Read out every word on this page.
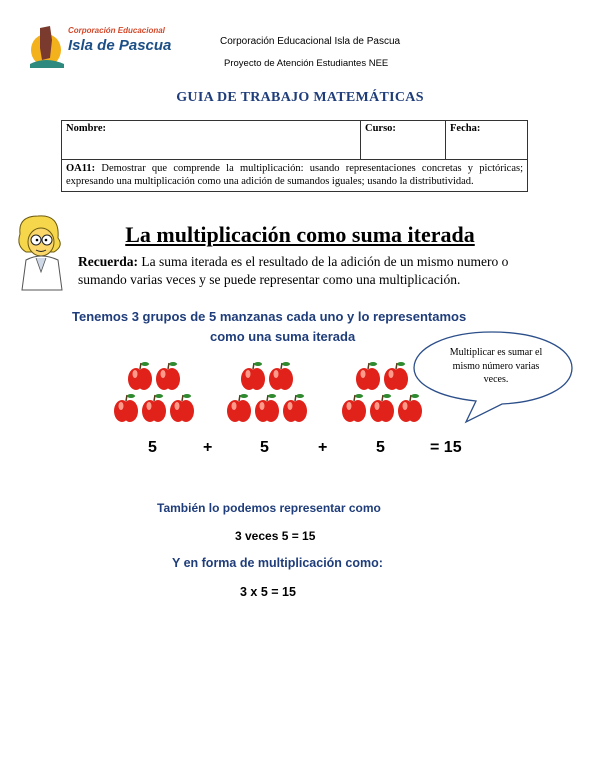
Corporación Educacional
Isla de Pascua	Corporación Educacional Isla de Pascua
Proyecto de Atención Estudiantes NEE
GUIA DE TRABAJO MATEMÁTICAS
Nombre:	Curso:	Fecha:
OA11: Demostrar que comprende la multiplicación: usando representaciones concretas y pictóricas; expresando una multiplicación como una adición de sumandos iguales; usando la distributividad.
La multiplicación como suma iterada
Recuerda: La suma iterada es el resultado de la adición de un mismo numero o sumando varias veces y se puede representar como una multiplicación.
Tenemos 3 grupos de 5 manzanas cada uno y lo representamos
como una suma iterada
5	+	5	+	5	= 15
También lo podemos representar como
3 veces 5 = 15
Y en forma de multiplicación como:
3 x 5 = 15
Multiplicar es sumar el mismo número varias veces.
